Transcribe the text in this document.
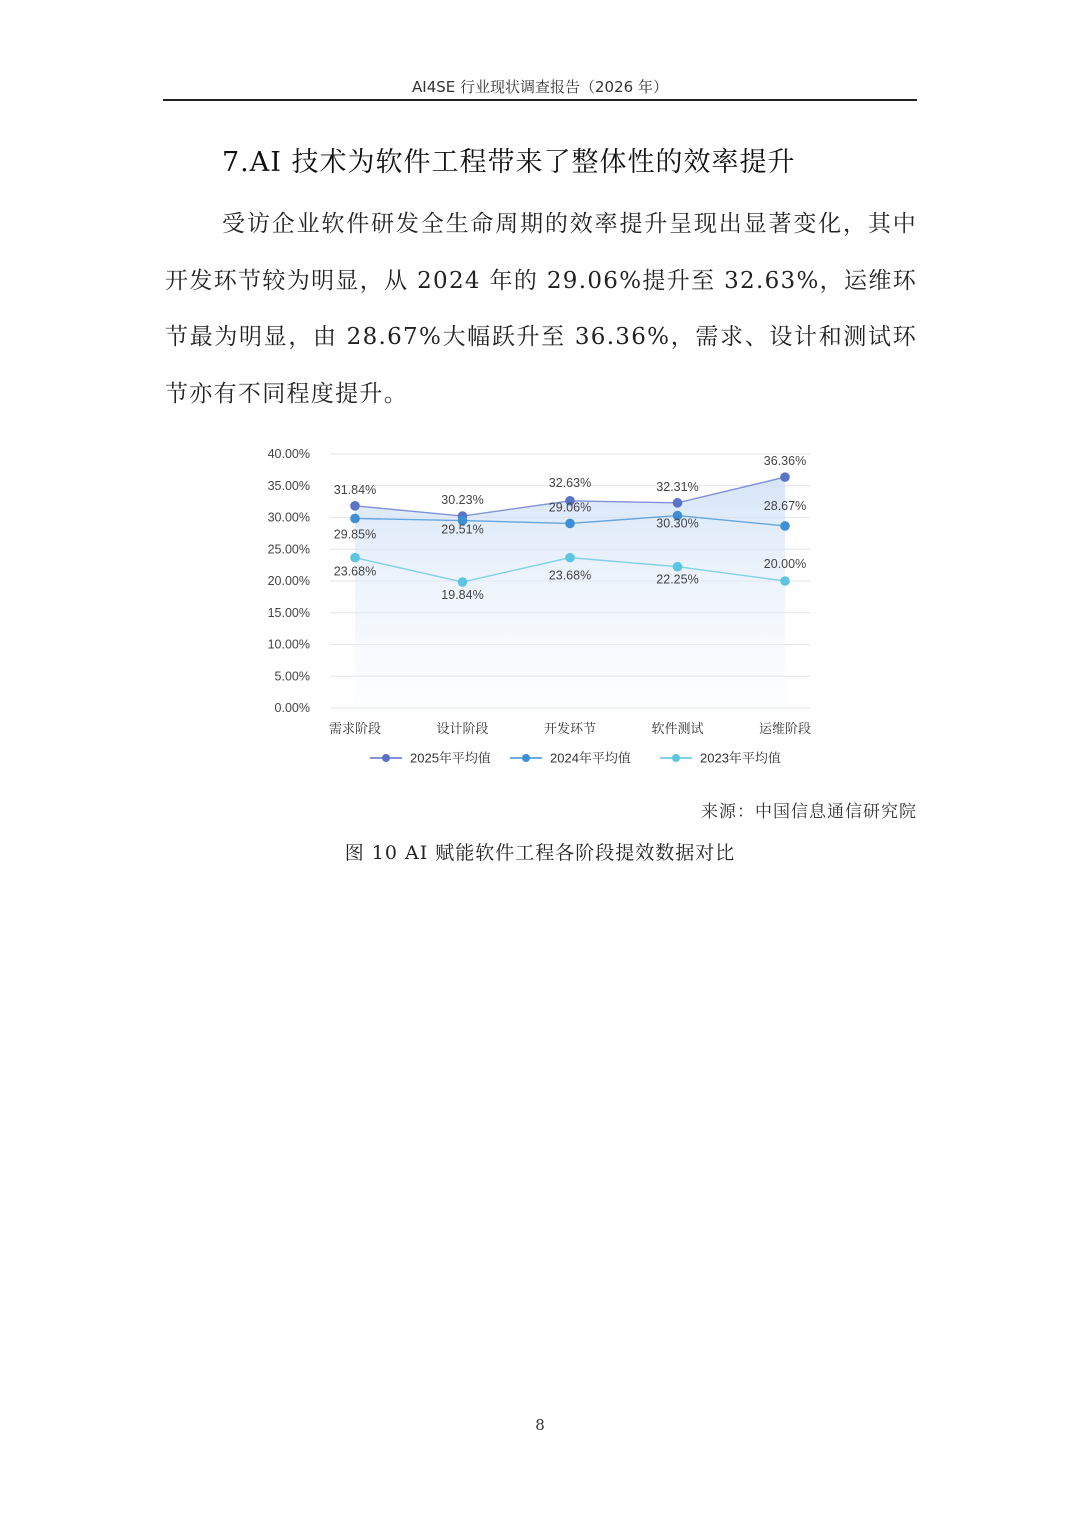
AI4SE 行业现状调查报告（2026 年）
7.AI 技术为软件工程带来了整体性的效率提升

受访企业软件研发全生命周期的效率提升呈现出显著变化，其中开发环节较为明显，从 2024 年的 29.06%提升至 32.63%，运维环节最为明显，由 28.67%大幅跃升至 36.36%，需求、设计和测试环节亦有不同程度提升。

0.00%
5.00%
10.00%
15.00%
20.00%
25.00%
30.00%
35.00%
40.00%
需求阶段	设计阶段	开发环节	软件测试	运维阶段
31.84%
30.23%
32.63%	32.31%
36.36%
29.85%	29.51%
29.06%
30.30%
28.67%
23.68%
19.84%
23.68%	22.25%
20.00%
2025年平均值	2024年平均值	2023年平均值
来源：中国信息通信研究院
图 10 AI 赋能软件工程各阶段提效数据对比
8
